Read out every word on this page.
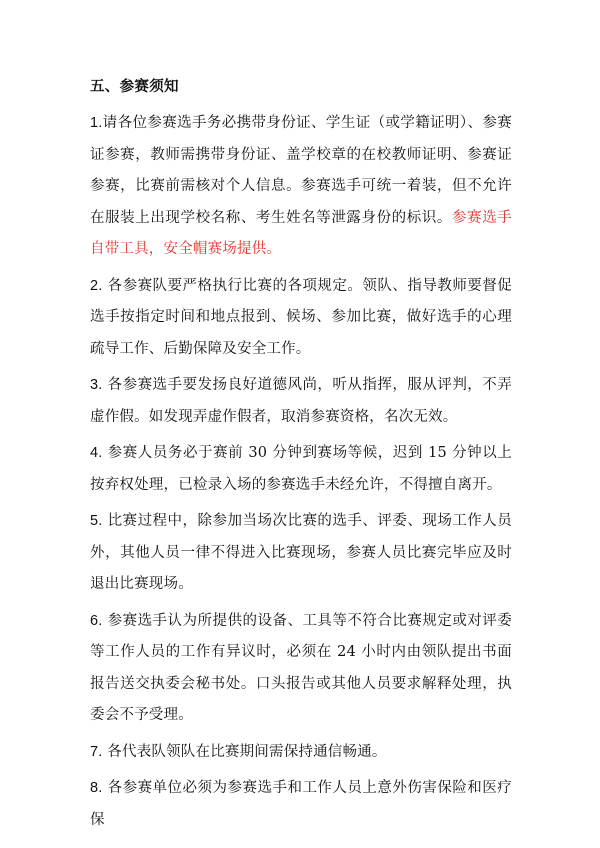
五、参赛须知

1.请各位参赛选手务必携带身份证、学生证（或学籍证明）、参赛证参赛，教师需携带身份证、盖学校章的在校教师证明、参赛证参赛，比赛前需核对个人信息。参赛选手可统一着装，但不允许在服装上出现学校名称、考生姓名等泄露身份的标识。参赛选手自带工具，安全帽赛场提供。

2. 各参赛队要严格执行比赛的各项规定。领队、指导教师要督促选手按指定时间和地点报到、候场、参加比赛，做好选手的心理疏导工作、后勤保障及安全工作。

3. 各参赛选手要发扬良好道德风尚，听从指挥，服从评判，不弄虚作假。如发现弄虚作假者，取消参赛资格，名次无效。

4. 参赛人员务必于赛前 30 分钟到赛场等候，迟到 15 分钟以上按弃权处理，已检录入场的参赛选手未经允许，不得擅自离开。

5. 比赛过程中，除参加当场次比赛的选手、评委、现场工作人员外，其他人员一律不得进入比赛现场，参赛人员比赛完毕应及时退出比赛现场。

6. 参赛选手认为所提供的设备、工具等不符合比赛规定或对评委等工作人员的工作有异议时，必须在 24 小时内由领队提出书面报告送交执委会秘书处。口头报告或其他人员要求解释处理，执委会不予受理。

7. 各代表队领队在比赛期间需保持通信畅通。

8. 各参赛单位必须为参赛选手和工作人员上意外伤害保险和医疗保
